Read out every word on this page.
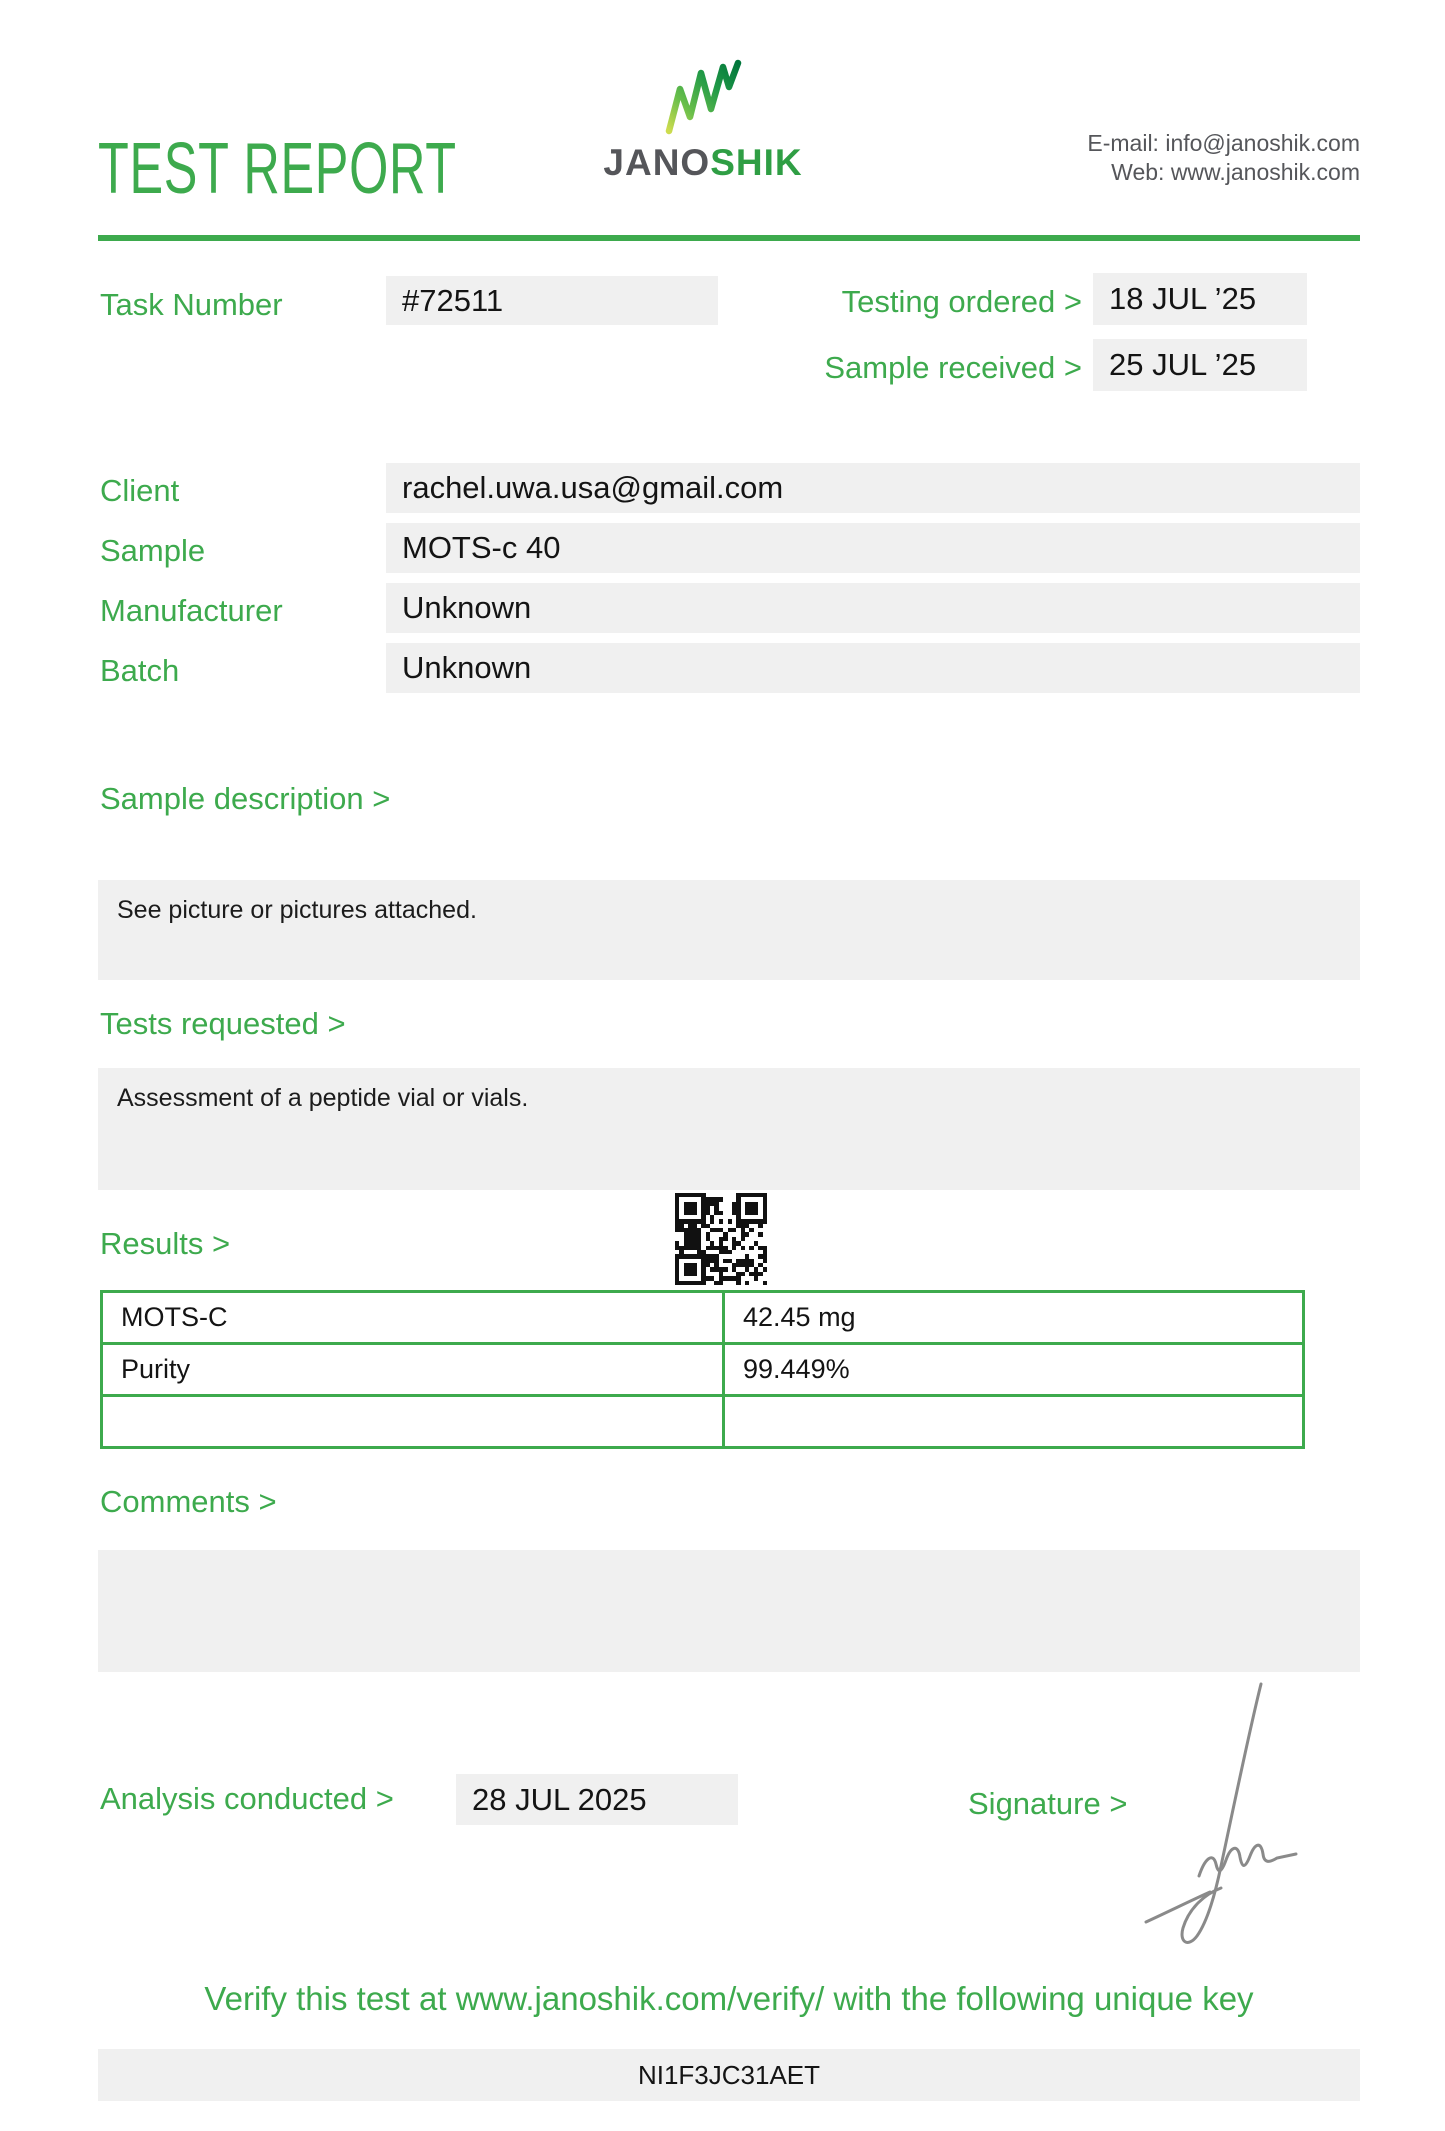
TEST REPORT	JANOSHIK	E-mail: info@janoshik.com
Web: www.janoshik.com
Task Number	#72511	Testing ordered > 18 JUL ’25
Sample received > 25 JUL ’25
Client	rachel.uwa.usa@gmail.com
Sample	MOTS-c 40
Manufacturer	Unknown
Batch	Unknown
Sample description >
See picture or pictures attached.
Tests requested >
Assessment of a peptide vial or vials.
Results >
MOTS-C	42.45 mg
Purity	99.449%

Comments >
Analysis conducted >	28 JUL 2025	Signature >
Verify this test at www.janoshik.com/verify/ with the following unique key
NI1F3JC31AET
